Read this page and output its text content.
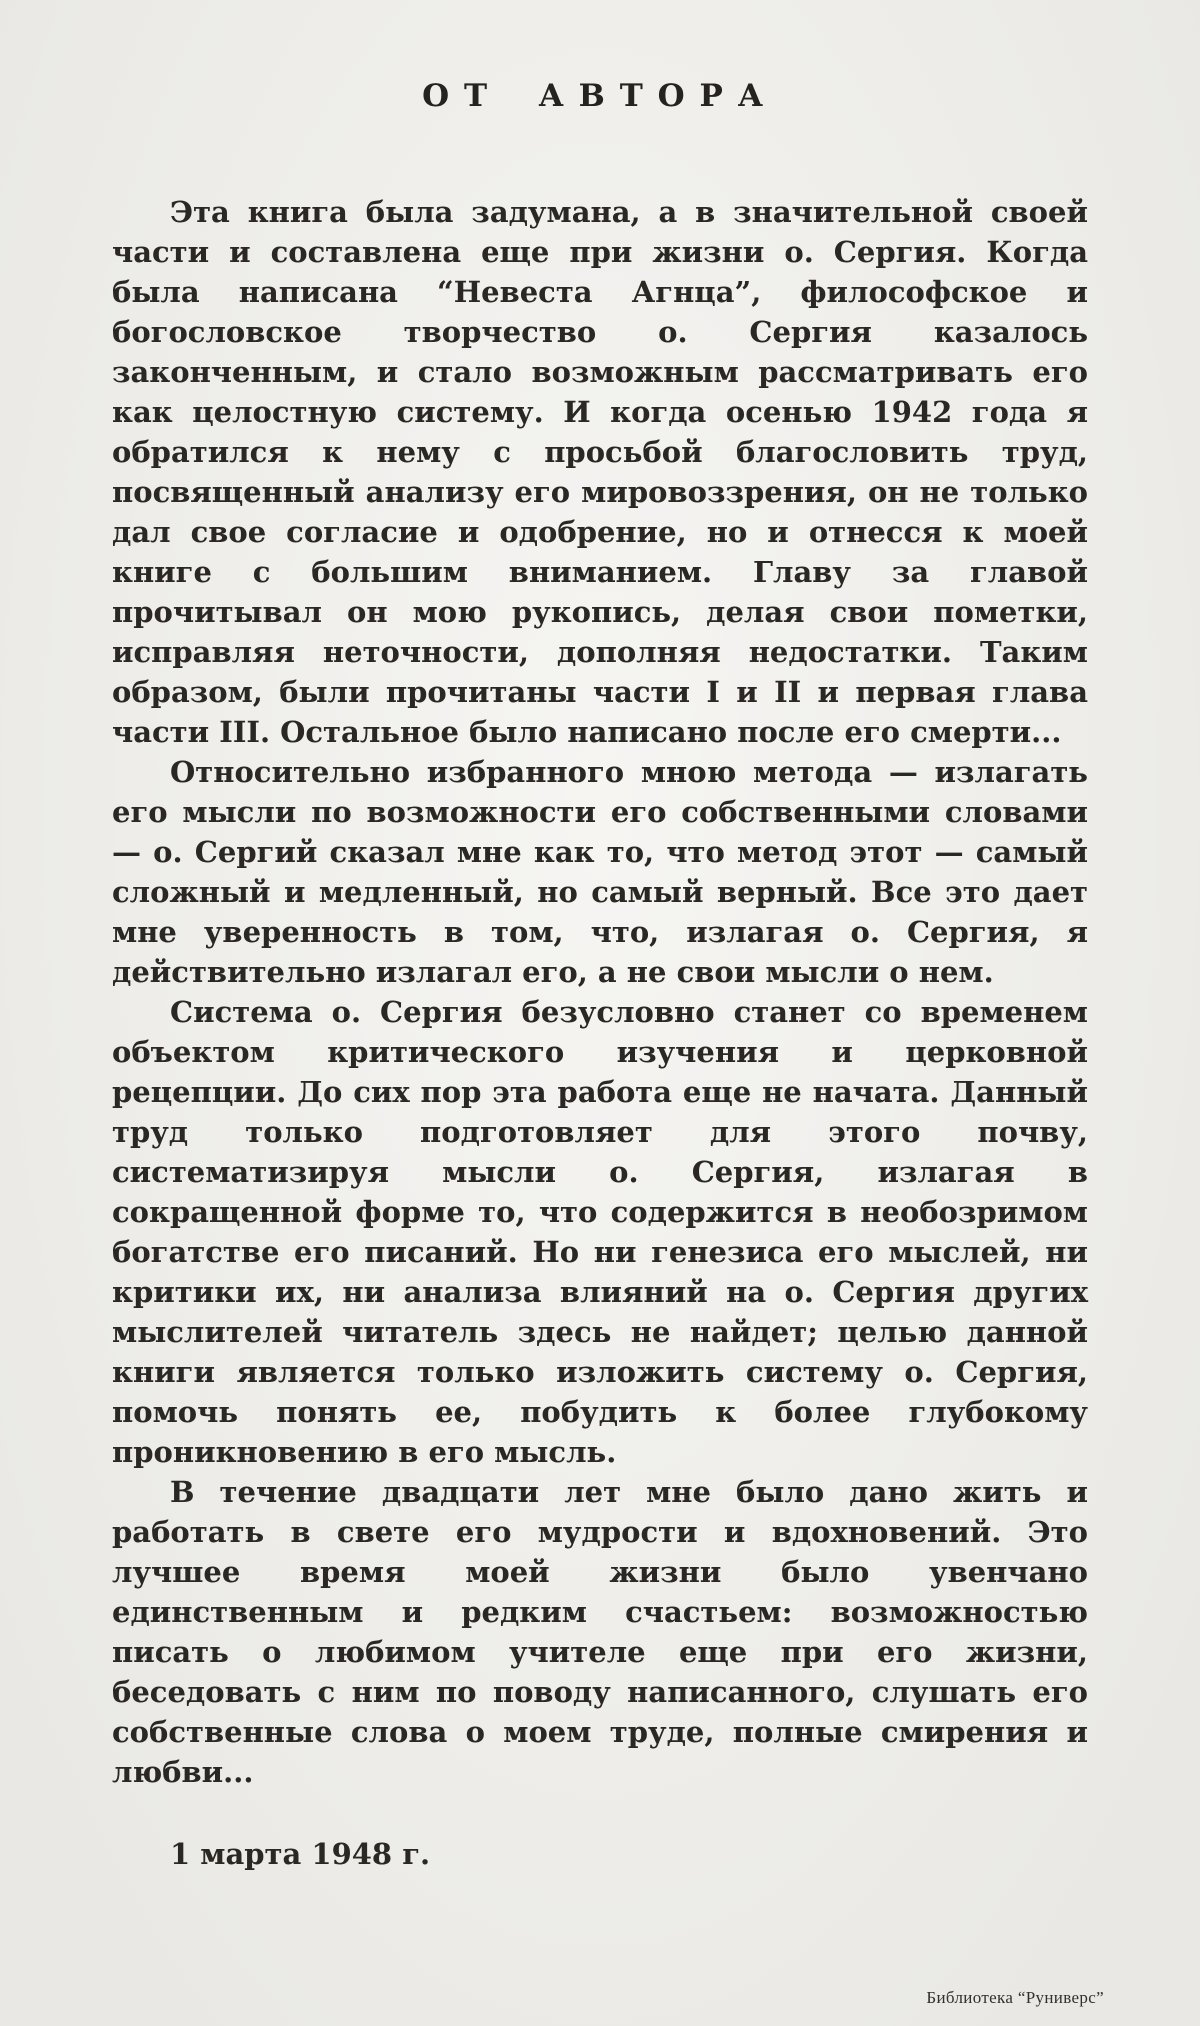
ОТ АВТОРА

Эта книга была задумана, а в значительной своей части и составлена еще при жизни о. Сергия. Когда была написана “Невеста Агнца”, философское и богословское творчество о. Сергия казалось законченным, и стало возможным рассматривать его как целостную систему. И когда осенью 1942 года я обратился к нему с просьбой благословить труд, посвященный анализу его мировоззрения, он не только дал свое согласие и одобрение, но и отнесся к моей книге с большим вниманием. Главу за главой прочитывал он мою рукопись, делая свои пометки, исправляя неточности, дополняя недостатки. Таким образом, были прочитаны части I и II и первая глава части III. Остальное было написано после его смерти...

Относительно избранного мною метода — излагать его мысли по возможности его собственными словами — о. Сергий сказал мне как то, что метод этот — самый сложный и медленный, но самый верный. Все это дает мне уверенность в том, что, излагая о. Сергия, я действительно излагал его, а не свои мысли о нем.

Система о. Сергия безусловно станет со временем объектом критического изучения и церковной рецепции. До сих пор эта работа еще не начата. Данный труд только подготовляет для этого почву, систематизируя мысли о. Сергия, излагая в сокращенной форме то, что содержится в необозримом богатстве его писаний. Но ни генезиса его мыслей, ни критики их, ни анализа влияний на о. Сергия других мыслителей читатель здесь не найдет; целью данной книги является только изложить систему о. Сергия, помочь понять ее, побудить к более глубокому проникновению в его мысль.

В течение двадцати лет мне было дано жить и работать в свете его мудрости и вдохновений. Это лучшее время моей жизни было увенчано единственным и редким счастьем: возможностью писать о любимом учителе еще при его жизни, беседовать с ним по поводу написанного, слушать его собственные слова о моем труде, полные смирения и любви...

1 марта 1948 г.

Библиотека “Руниверс”
